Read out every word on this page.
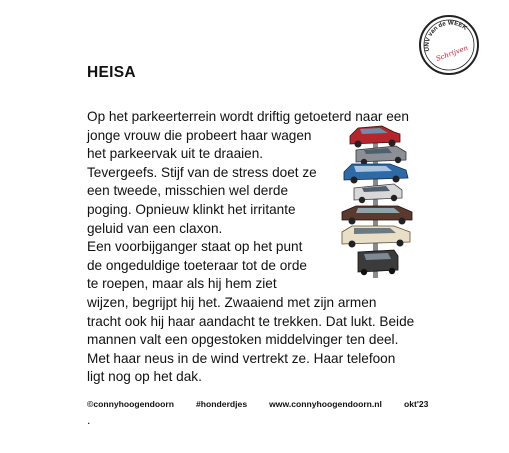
UNV van de WEEK
Schrijven
HEISA
Op het parkeerterrein wordt driftig getoeterd naar een
jonge vrouw die probeert haar wagen
het parkeervak uit te draaien.
Tevergeefs. Stijf van de stress doet ze
een tweede, misschien wel derde
poging. Opnieuw klinkt het irritante
geluid van een claxon.
Een voorbijganger staat op het punt
de ongeduldige toeteraar tot de orde
te roepen, maar als hij hem ziet
wijzen, begrijpt hij het. Zwaaiend met zijn armen
tracht ook hij haar aandacht te trekken. Dat lukt. Beide
mannen valt een opgestoken middelvinger ten deel.
Met haar neus in de wind vertrekt ze. Haar telefoon
ligt nog op het dak.
©connyhoogendoorn	#honderdjes	www.connyhoogendoorn.nl	okt'23
.
